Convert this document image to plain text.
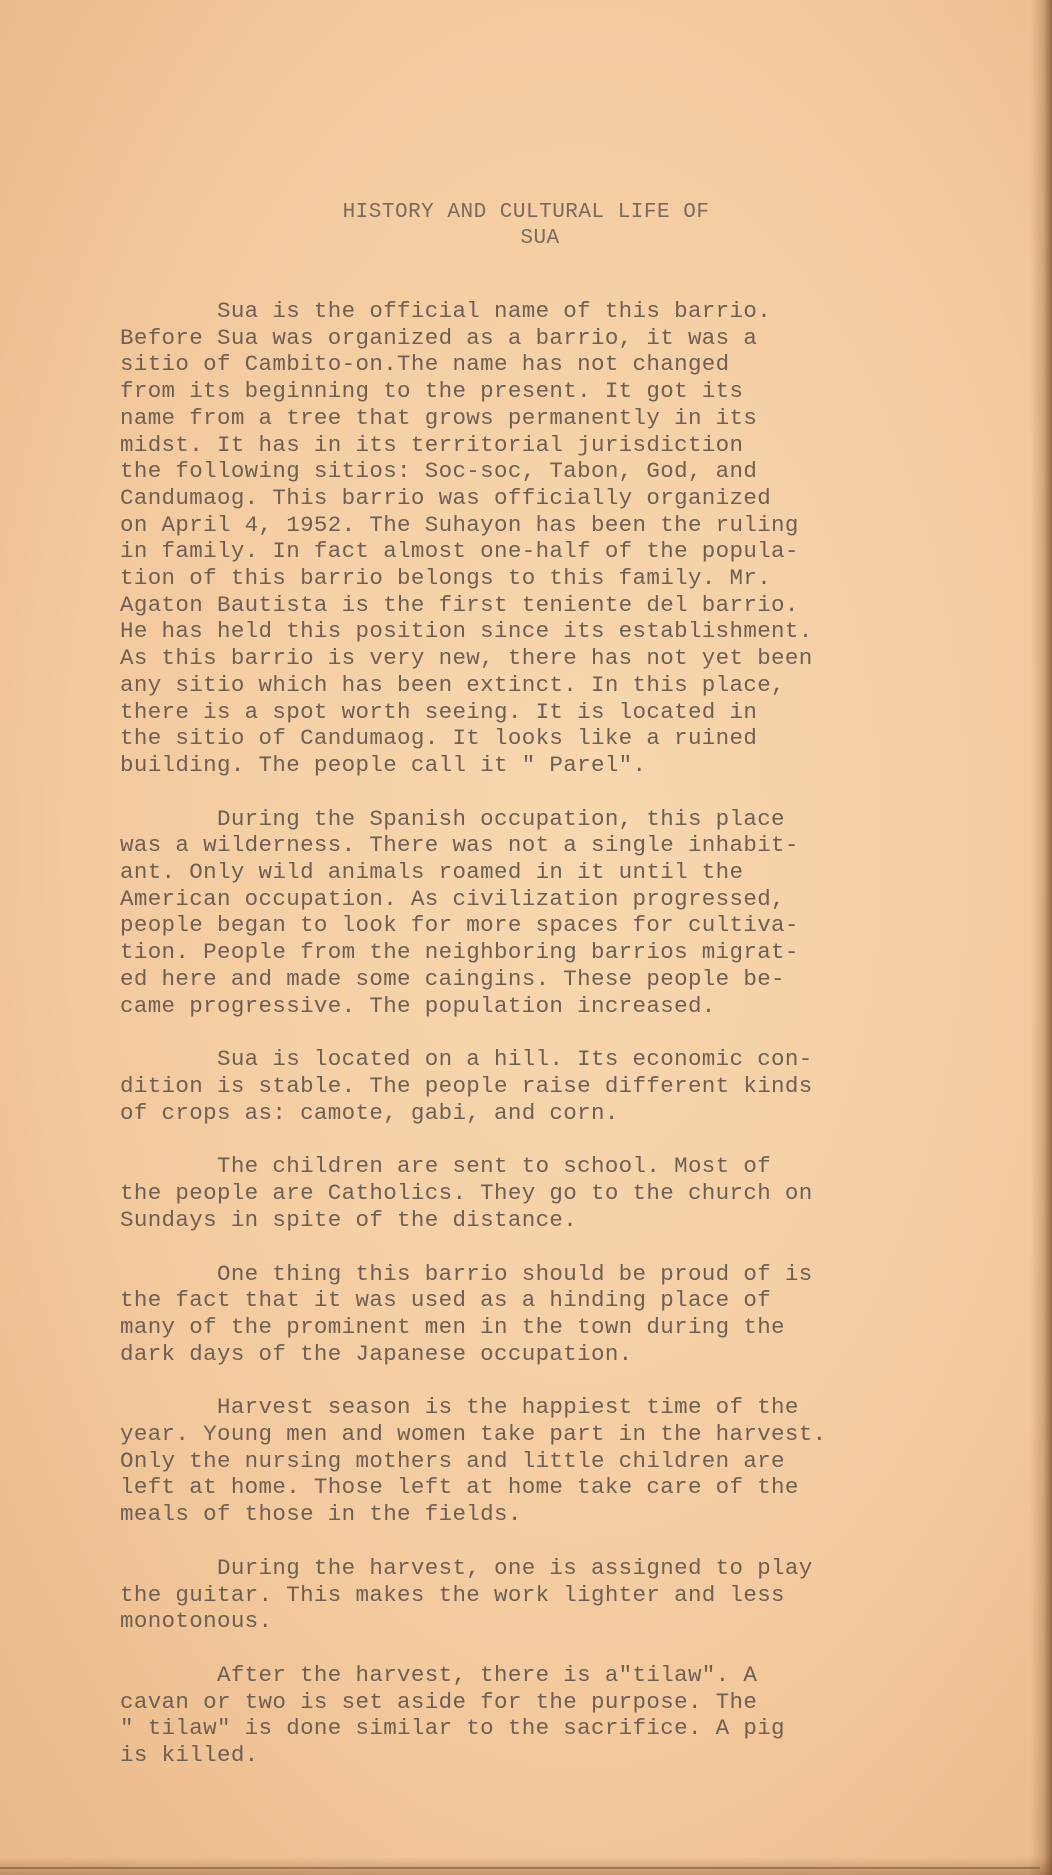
HISTORY AND CULTURAL LIFE OF
SUA
Sua is the official name of this barrio.
Before Sua was organized as a barrio, it was a
sitio of Cambito-on.The name has not changed
from its beginning to the present. It got its
name from a tree that grows permanently in its
midst. It has in its territorial jurisdiction
the following sitios: Soc-soc, Tabon, God, and
Candumaog. This barrio was officially organized
on April 4, 1952. The Suhayon has been the ruling
in family. In fact almost one-half of the popula-
tion of this barrio belongs to this family. Mr.
Agaton Bautista is the first teniente del barrio.
He has held this position since its establishment.
As this barrio is very new, there has not yet been
any sitio which has been extinct. In this place,
there is a spot worth seeing. It is located in
the sitio of Candumaog. It looks like a ruined
building. The people call it " Parel".
During the Spanish occupation, this place
was a wilderness. There was not a single inhabit-
ant. Only wild animals roamed in it until the
American occupation. As civilization progressed,
people began to look for more spaces for cultiva-
tion. People from the neighboring barrios migrat-
ed here and made some caingins. These people be-
came progressive. The population increased.
Sua is located on a hill. Its economic con-
dition is stable. The people raise different kinds
of crops as: camote, gabi, and corn.
The children are sent to school. Most of
the people are Catholics. They go to the church on
Sundays in spite of the distance.
One thing this barrio should be proud of is
the fact that it was used as a hinding place of
many of the prominent men in the town during the
dark days of the Japanese occupation.
Harvest season is the happiest time of the
year. Young men and women take part in the harvest.
Only the nursing mothers and little children are
left at home. Those left at home take care of the
meals of those in the fields.
During the harvest, one is assigned to play
the guitar. This makes the work lighter and less
monotonous.
After the harvest, there is a"tilaw". A
cavan or two is set aside for the purpose. The
" tilaw" is done similar to the sacrifice. A pig
is killed.
